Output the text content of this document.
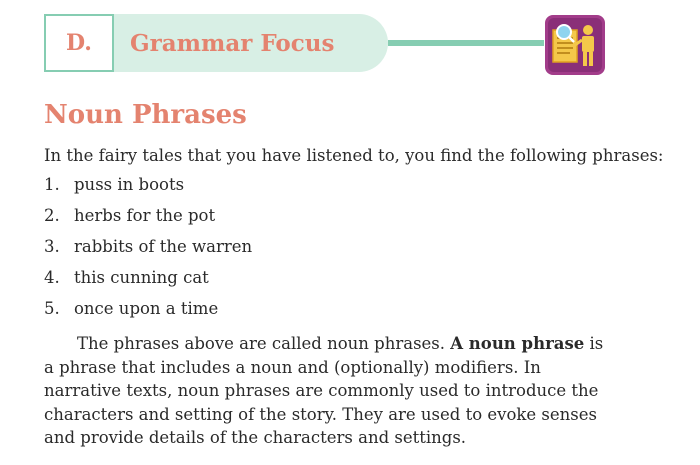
D.	Grammar Focus
Noun Phrases

In the fairy tales that you have listened to, you find the following phrases:

1. puss in boots
2. herbs for the pot
3. rabbits of the warren
4. this cunning cat
5. once upon a time

The phrases above are called noun phrases. A noun phrase is a phrase that includes a noun and (optionally) modifiers. In narrative texts, noun phrases are commonly used to introduce the characters and setting of the story. They are used to evoke senses and provide details of the characters and settings.
